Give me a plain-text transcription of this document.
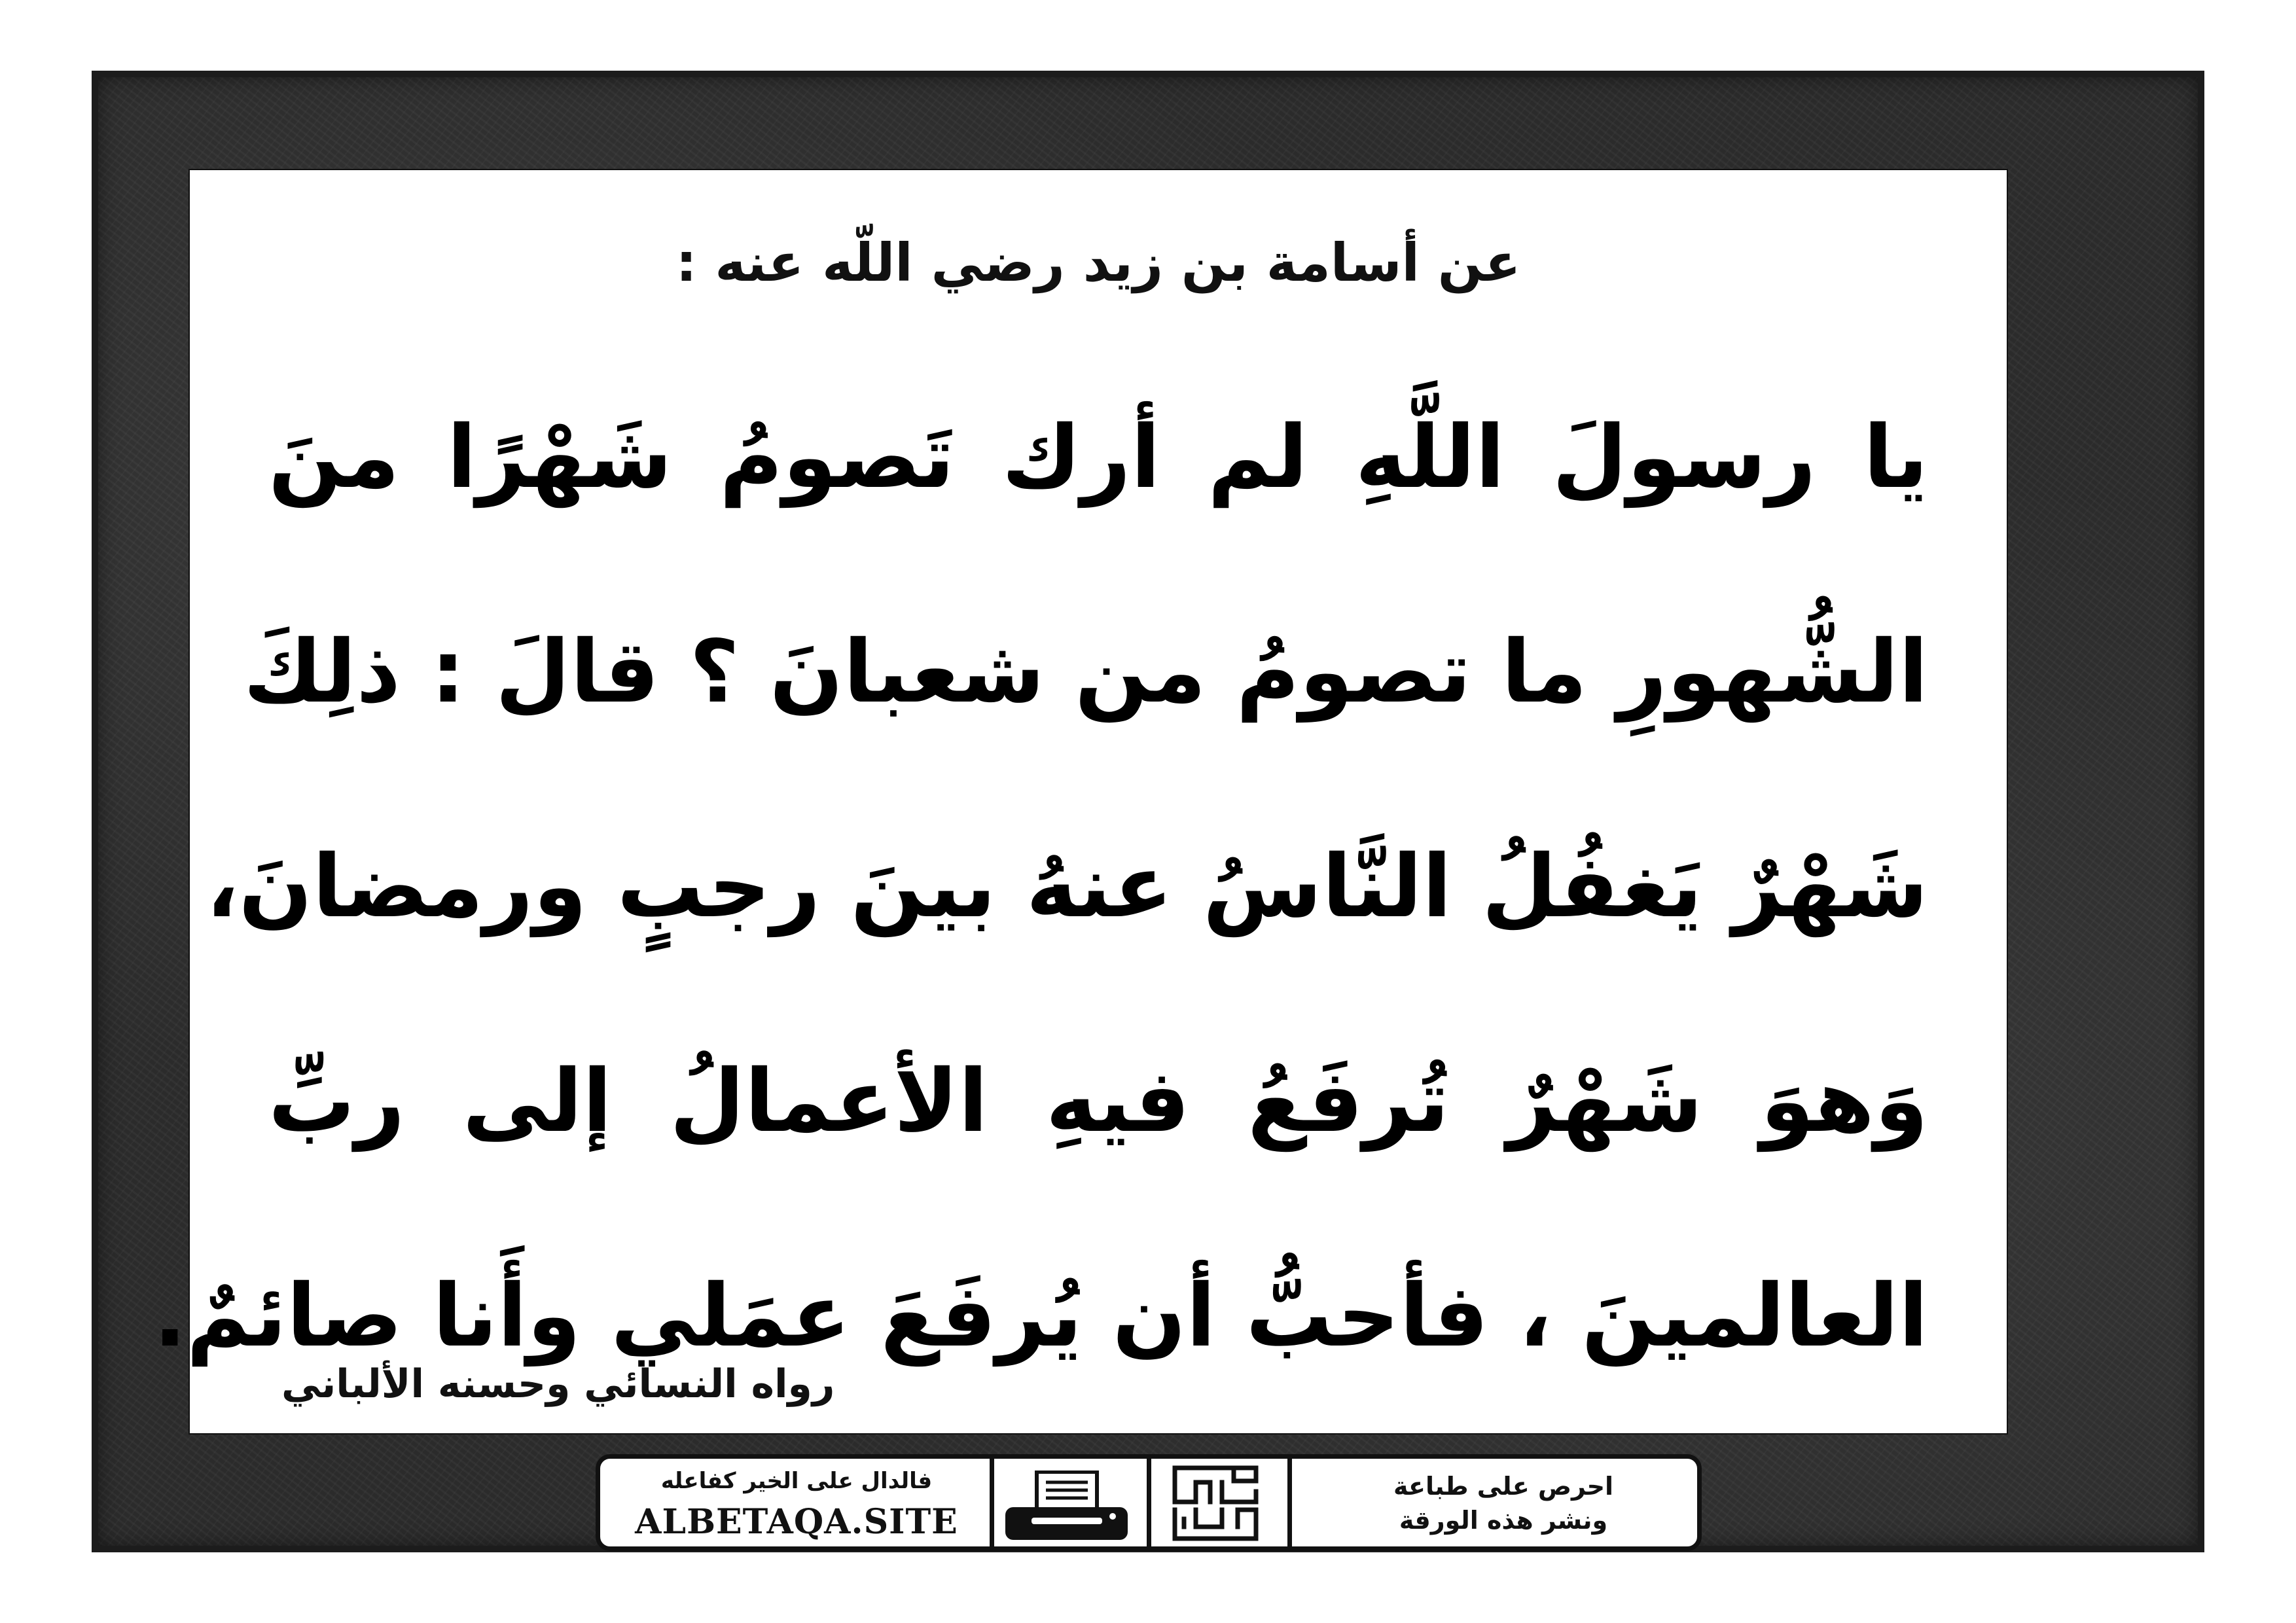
عن أسامة بن زيد رضي اللّه عنه :
يا رسولَ اللَّهِ لم أرك تَصومُ شَهْرًا منَ
الشُّهورِ ما تصومُ من شعبانَ ؟ قالَ : ذلِكَ
شَهْرٌ يَغفُلُ النَّاسُ عنهُ بينَ رجبٍ ورمضانَ،
وَهوَ شَهْرٌ تُرفَعُ فيهِ الأعمالُ إلى ربِّ
العالمينَ ، فأحبُّ أن يُرفَعَ عمَلي وأَنا صائمٌ.
رواه النسائي وحسنه الألباني
فالدال على الخير كفاعله
ALBETAQA.SITE
احرص على طباعة
ونشر هذه الورقة
